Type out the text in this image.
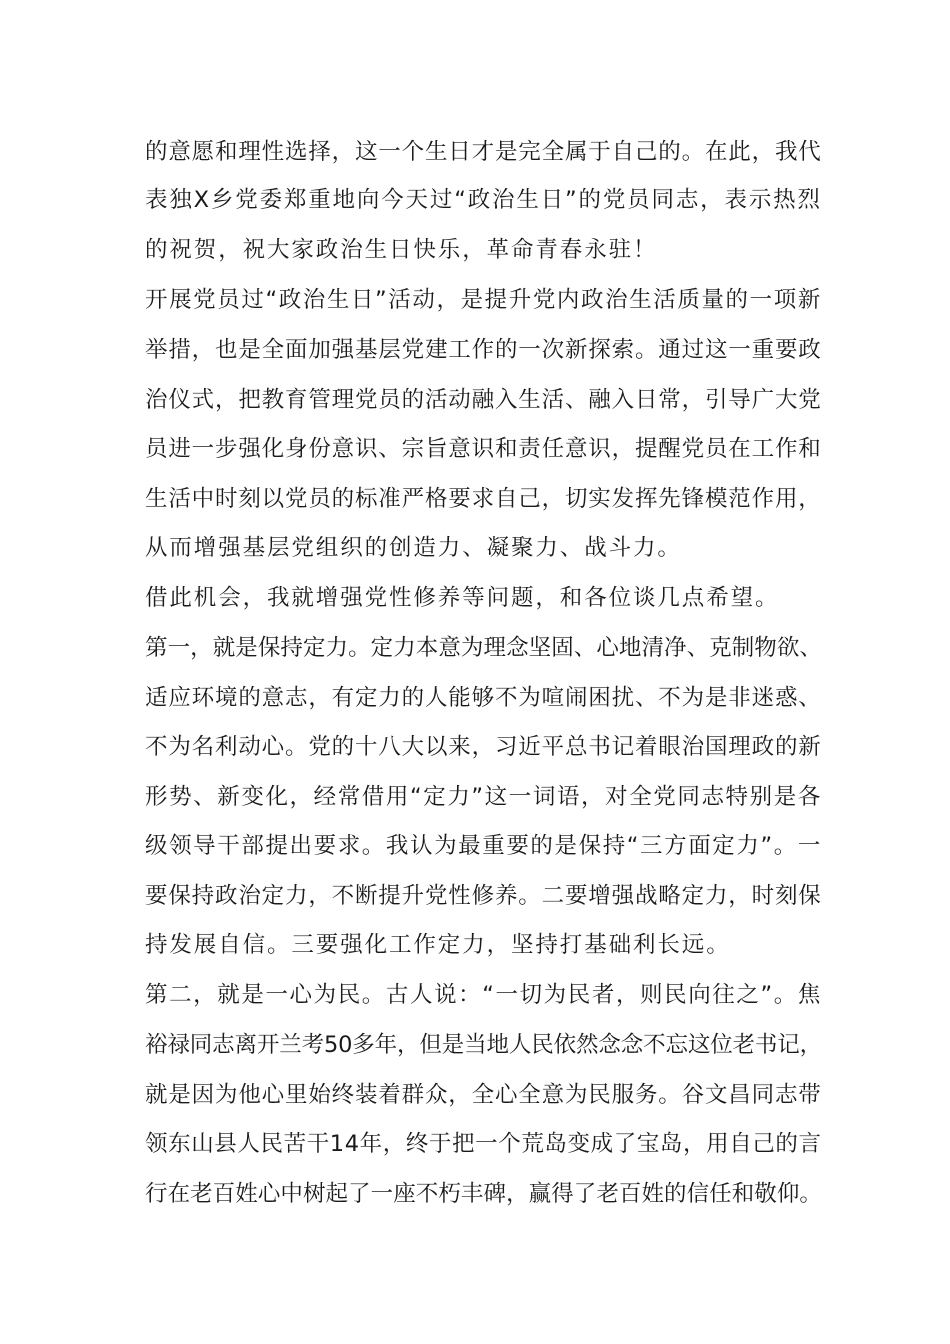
的意愿和理性选择，这一个生日才是完全属于自己的。在此，我代
表独X乡党委郑重地向今天过“政治生日”的党员同志，表示热烈
的祝贺，祝大家政治生日快乐，革命青春永驻！
开展党员过“政治生日”活动，是提升党内政治生活质量的一项新
举措，也是全面加强基层党建工作的一次新探索。通过这一重要政
治仪式，把教育管理党员的活动融入生活、融入日常，引导广大党
员进一步强化身份意识、宗旨意识和责任意识，提醒党员在工作和
生活中时刻以党员的标准严格要求自己，切实发挥先锋模范作用，
从而增强基层党组织的创造力、凝聚力、战斗力。
借此机会，我就增强党性修养等问题，和各位谈几点希望。
第一，就是保持定力。定力本意为理念坚固、心地清净、克制物欲、
适应环境的意志，有定力的人能够不为喧闹困扰、不为是非迷惑、
不为名利动心。党的十八大以来，习近平总书记着眼治国理政的新
形势、新变化，经常借用“定力”这一词语，对全党同志特别是各
级领导干部提出要求。我认为最重要的是保持“三方面定力”。一
要保持政治定力，不断提升党性修养。二要增强战略定力，时刻保
持发展自信。三要强化工作定力，坚持打基础利长远。
第二，就是一心为民。古人说：“一切为民者，则民向往之”。焦
裕禄同志离开兰考50多年，但是当地人民依然念念不忘这位老书记，
就是因为他心里始终装着群众，全心全意为民服务。谷文昌同志带
领东山县人民苦干14年，终于把一个荒岛变成了宝岛，用自己的言
行在老百姓心中树起了一座不朽丰碑，赢得了老百姓的信任和敬仰。
